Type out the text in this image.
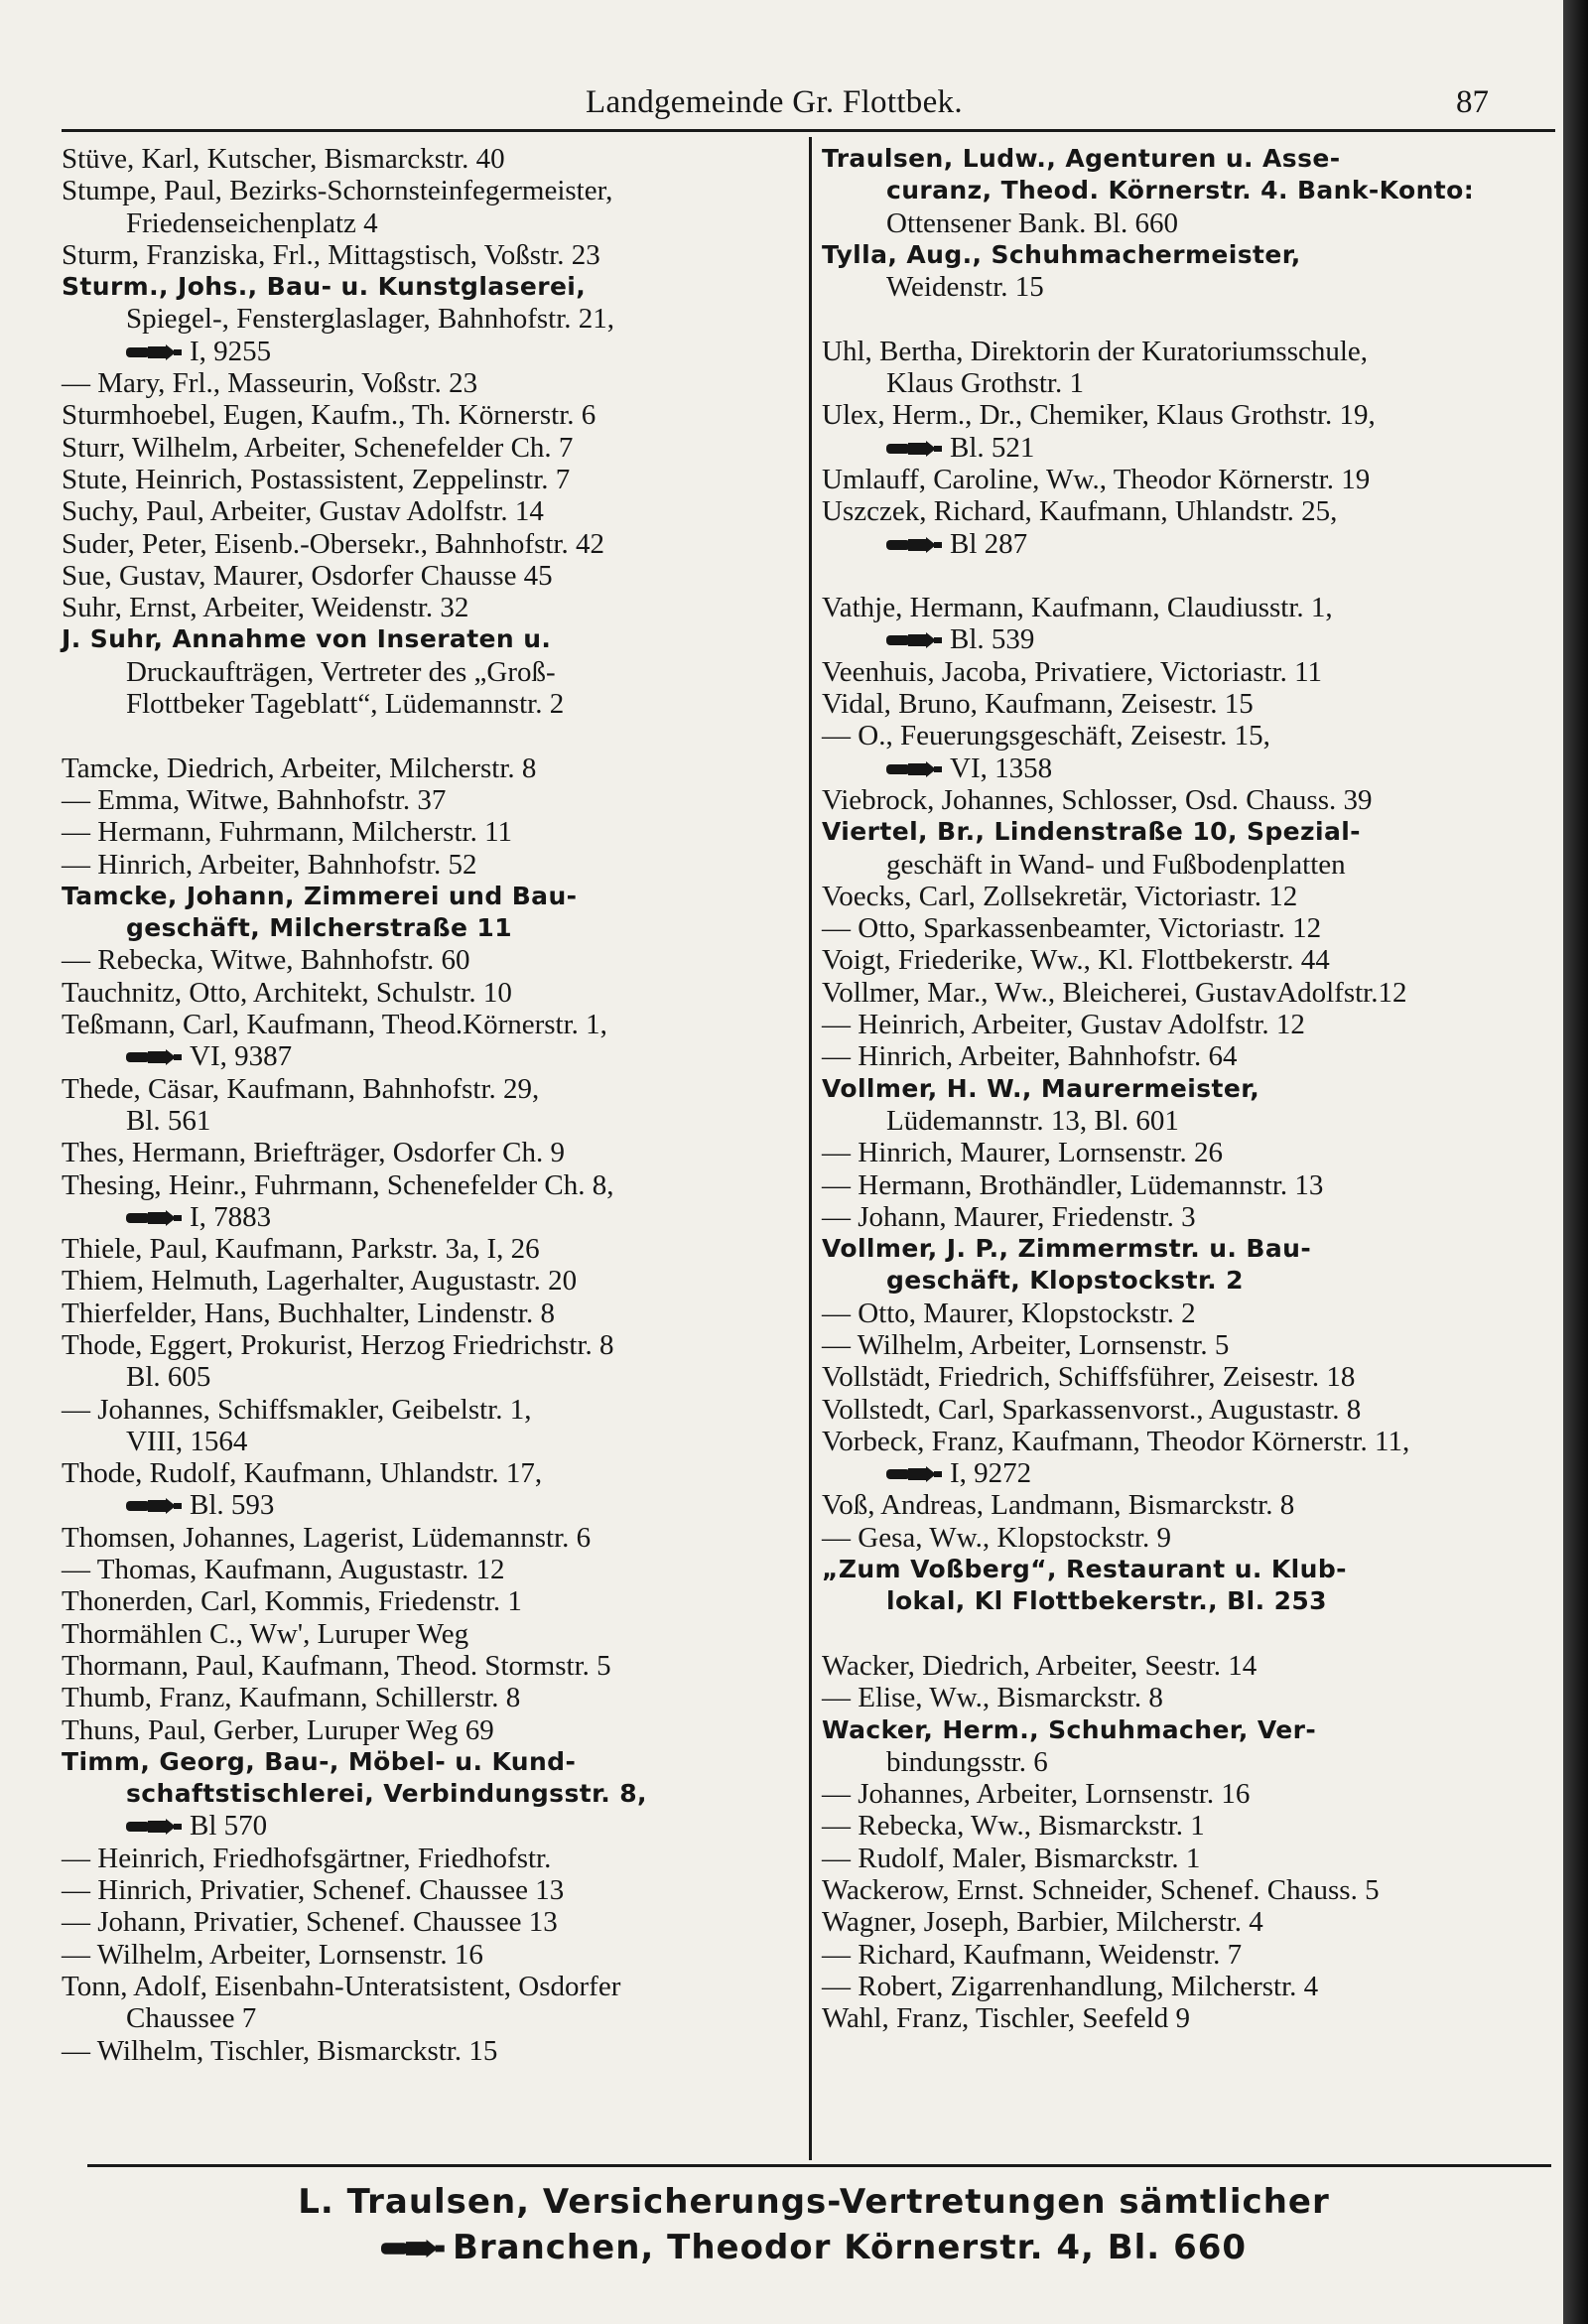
Landgemeinde Gr. Flottbek.	87
Stüve, Karl, Kutscher, Bismarckstr. 40
Stumpe, Paul, Bezirks-Schornsteinfegermeister,
Friedenseichenplatz 4
Sturm, Franziska, Frl., Mittagstisch, Voßstr. 23
Sturm., Johs., Bau- u. Kunstglaserei,
Spiegel-, Fensterglaslager, Bahnhofstr. 21,
I, 9255
— Mary, Frl., Masseurin, Voßstr. 23
Sturmhoebel, Eugen, Kaufm., Th. Körnerstr. 6
Sturr, Wilhelm, Arbeiter, Schenefelder Ch. 7
Stute, Heinrich, Postassistent, Zeppelinstr. 7
Suchy, Paul, Arbeiter, Gustav Adolfstr. 14
Suder, Peter, Eisenb.-Obersekr., Bahnhofstr. 42
Sue, Gustav, Maurer, Osdorfer Chausse 45
Suhr, Ernst, Arbeiter, Weidenstr. 32
J. Suhr, Annahme von Inseraten u.
Druckaufträgen, Vertreter des „Groß-
Flottbeker Tageblatt“, Lüdemannstr. 2
Tamcke, Diedrich, Arbeiter, Milcherstr. 8
— Emma, Witwe, Bahnhofstr. 37
— Hermann, Fuhrmann, Milcherstr. 11
— Hinrich, Arbeiter, Bahnhofstr. 52
Tamcke, Johann, Zimmerei und Bau-
geschäft, Milcherstraße 11
— Rebecka, Witwe, Bahnhofstr. 60
Tauchnitz, Otto, Architekt, Schulstr. 10
Teßmann, Carl, Kaufmann, Theod.Körnerstr. 1,
VI, 9387
Thede, Cäsar, Kaufmann, Bahnhofstr. 29,
Bl. 561
Thes, Hermann, Briefträger, Osdorfer Ch. 9
Thesing, Heinr., Fuhrmann, Schenefelder Ch. 8,
I, 7883
Thiele, Paul, Kaufmann, Parkstr. 3a, I, 26
Thiem, Helmuth, Lagerhalter, Augustastr. 20
Thierfelder, Hans, Buchhalter, Lindenstr. 8
Thode, Eggert, Prokurist, Herzog Friedrichstr. 8
Bl. 605
— Johannes, Schiffsmakler, Geibelstr. 1,
VIII, 1564
Thode, Rudolf, Kaufmann, Uhlandstr. 17,
Bl. 593
Thomsen, Johannes, Lagerist, Lüdemannstr. 6
— Thomas, Kaufmann, Augustastr. 12
Thonerden, Carl, Kommis, Friedenstr. 1
Thormählen C., Ww', Luruper Weg
Thormann, Paul, Kaufmann, Theod. Stormstr. 5
Thumb, Franz, Kaufmann, Schillerstr. 8
Thuns, Paul, Gerber, Luruper Weg 69
Timm, Georg, Bau-, Möbel- u. Kund-
schaftstischlerei, Verbindungsstr. 8,
Bl 570
— Heinrich, Friedhofsgärtner, Friedhofstr.
— Hinrich, Privatier, Schenef. Chaussee 13
— Johann, Privatier, Schenef. Chaussee 13
— Wilhelm, Arbeiter, Lornsenstr. 16
Tonn, Adolf, Eisenbahn-Unteratsistent, Osdorfer
Chaussee 7
— Wilhelm, Tischler, Bismarckstr. 15
Traulsen, Ludw., Agenturen u. Asse-
curanz, Theod. Körnerstr. 4. Bank-Konto:
Ottensener Bank. Bl. 660
Tylla, Aug., Schuhmachermeister,
Weidenstr. 15
Uhl, Bertha, Direktorin der Kuratoriumsschule,
Klaus Grothstr. 1
Ulex, Herm., Dr., Chemiker, Klaus Grothstr. 19,
Bl. 521
Umlauff, Caroline, Ww., Theodor Körnerstr. 19
Uszczek, Richard, Kaufmann, Uhlandstr. 25,
Bl 287
Vathje, Hermann, Kaufmann, Claudiusstr. 1,
Bl. 539
Veenhuis, Jacoba, Privatiere, Victoriastr. 11
Vidal, Bruno, Kaufmann, Zeisestr. 15
— O., Feuerungsgeschäft, Zeisestr. 15,
VI, 1358
Viebrock, Johannes, Schlosser, Osd. Chauss. 39
Viertel, Br., Lindenstraße 10, Spezial-
geschäft in Wand- und Fußbodenplatten
Voecks, Carl, Zollsekretär, Victoriastr. 12
— Otto, Sparkassenbeamter, Victoriastr. 12
Voigt, Friederike, Ww., Kl. Flottbekerstr. 44
Vollmer, Mar., Ww., Bleicherei, GustavAdolfstr.12
— Heinrich, Arbeiter, Gustav Adolfstr. 12
— Hinrich, Arbeiter, Bahnhofstr. 64
Vollmer, H. W., Maurermeister,
Lüdemannstr. 13, Bl. 601
— Hinrich, Maurer, Lornsenstr. 26
— Hermann, Brothändler, Lüdemannstr. 13
— Johann, Maurer, Friedenstr. 3
Vollmer, J. P., Zimmermstr. u. Bau-
geschäft, Klopstockstr. 2
— Otto, Maurer, Klopstockstr. 2
— Wilhelm, Arbeiter, Lornsenstr. 5
Vollstädt, Friedrich, Schiffsführer, Zeisestr. 18
Vollstedt, Carl, Sparkassenvorst., Augustastr. 8
Vorbeck, Franz, Kaufmann, Theodor Körnerstr. 11,
I, 9272
Voß, Andreas, Landmann, Bismarckstr. 8
— Gesa, Ww., Klopstockstr. 9
„Zum Voßberg“, Restaurant u. Klub-
lokal, Kl Flottbekerstr., Bl. 253
Wacker, Diedrich, Arbeiter, Seestr. 14
— Elise, Ww., Bismarckstr. 8
Wacker, Herm., Schuhmacher, Ver-
bindungsstr. 6
— Johannes, Arbeiter, Lornsenstr. 16
— Rebecka, Ww., Bismarckstr. 1
— Rudolf, Maler, Bismarckstr. 1
Wackerow, Ernst. Schneider, Schenef. Chauss. 5
Wagner, Joseph, Barbier, Milcherstr. 4
— Richard, Kaufmann, Weidenstr. 7
— Robert, Zigarrenhandlung, Milcherstr. 4
Wahl, Franz, Tischler, Seefeld 9
L. Traulsen, Versicherungs-Vertretungen sämtlicher
Branchen, Theodor Körnerstr. 4, Bl. 660
